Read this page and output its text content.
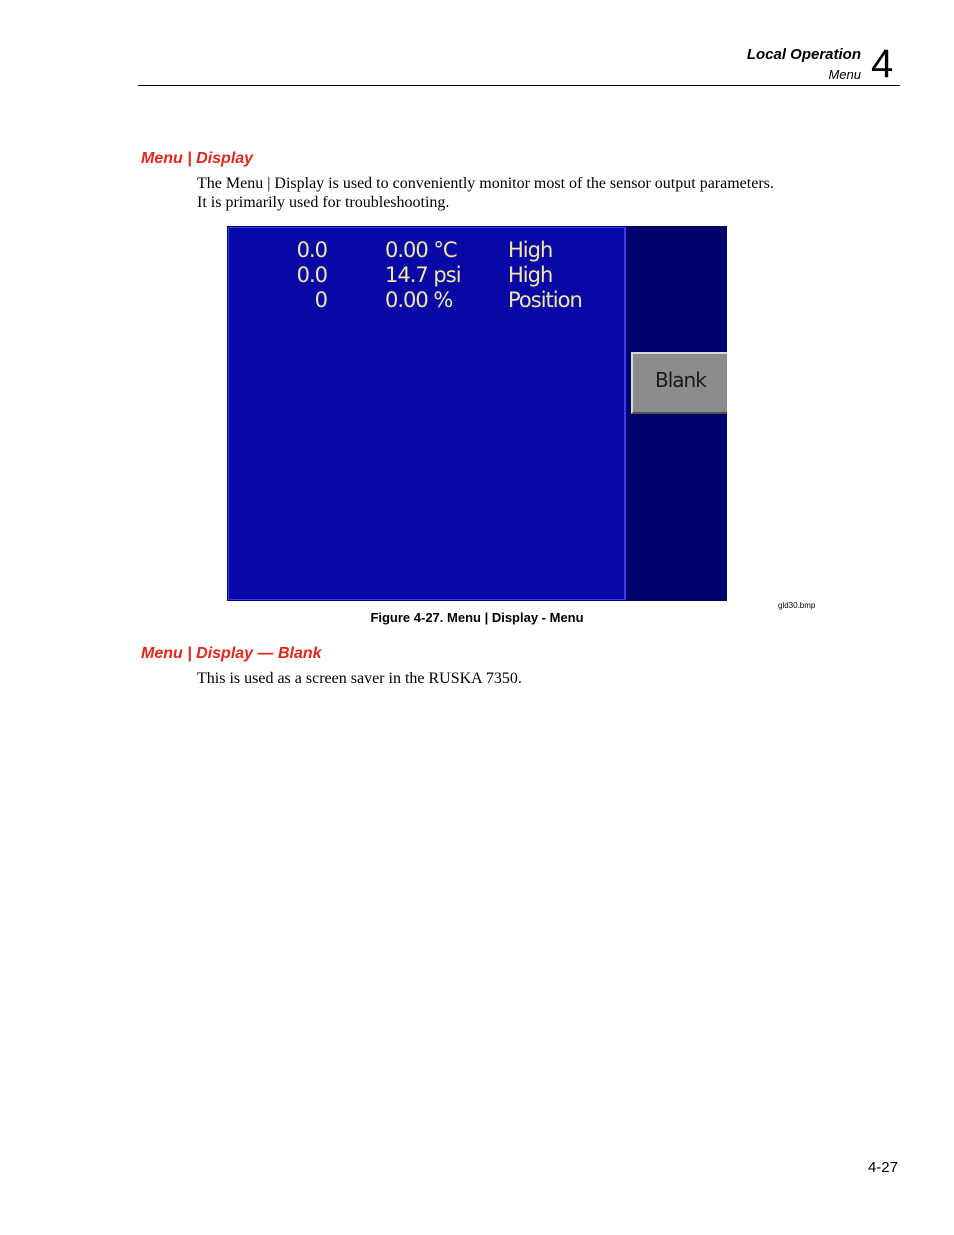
Local Operation
Menu 4
Menu | Display
The Menu | Display is used to conveniently monitor most of the sensor output parameters.
It is primarily used for troubleshooting.
0.0	0.00 °C High
0.0	14.7 psi High
0	0.00 %	Position
Blank
gld30.bmp
Figure 4-27. Menu | Display - Menu
Menu | Display — Blank
This is used as a screen saver in the RUSKA 7350.
4-27
